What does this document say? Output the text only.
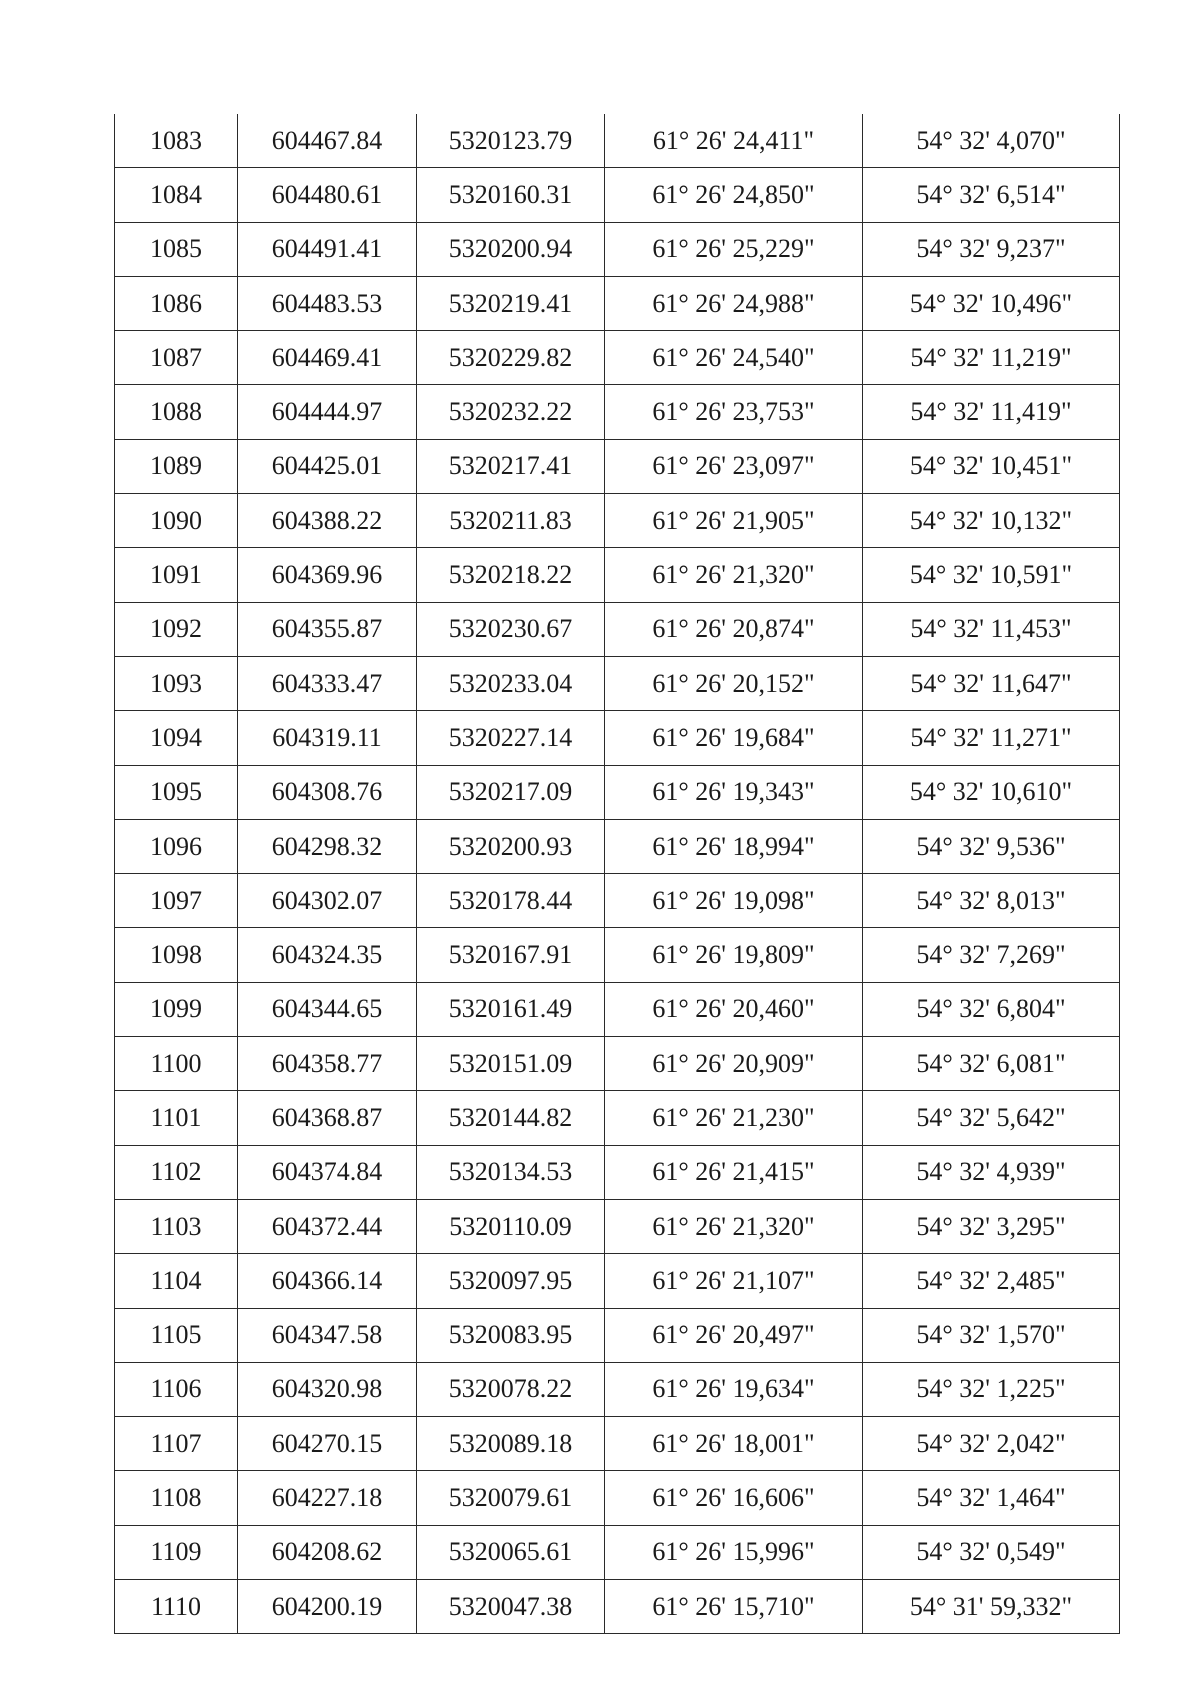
1083	604467.84	5320123.79	61° 26' 24,411"	54° 32' 4,070"
1084	604480.61	5320160.31	61° 26' 24,850"	54° 32' 6,514"
1085	604491.41	5320200.94	61° 26' 25,229"	54° 32' 9,237"
1086	604483.53	5320219.41	61° 26' 24,988"	54° 32' 10,496"
1087	604469.41	5320229.82	61° 26' 24,540"	54° 32' 11,219"
1088	604444.97	5320232.22	61° 26' 23,753"	54° 32' 11,419"
1089	604425.01	5320217.41	61° 26' 23,097"	54° 32' 10,451"
1090	604388.22	5320211.83	61° 26' 21,905"	54° 32' 10,132"
1091	604369.96	5320218.22	61° 26' 21,320"	54° 32' 10,591"
1092	604355.87	5320230.67	61° 26' 20,874"	54° 32' 11,453"
1093	604333.47	5320233.04	61° 26' 20,152"	54° 32' 11,647"
1094	604319.11	5320227.14	61° 26' 19,684"	54° 32' 11,271"
1095	604308.76	5320217.09	61° 26' 19,343"	54° 32' 10,610"
1096	604298.32	5320200.93	61° 26' 18,994"	54° 32' 9,536"
1097	604302.07	5320178.44	61° 26' 19,098"	54° 32' 8,013"
1098	604324.35	5320167.91	61° 26' 19,809"	54° 32' 7,269"
1099	604344.65	5320161.49	61° 26' 20,460"	54° 32' 6,804"
1100	604358.77	5320151.09	61° 26' 20,909"	54° 32' 6,081"
1101	604368.87	5320144.82	61° 26' 21,230"	54° 32' 5,642"
1102	604374.84	5320134.53	61° 26' 21,415"	54° 32' 4,939"
1103	604372.44	5320110.09	61° 26' 21,320"	54° 32' 3,295"
1104	604366.14	5320097.95	61° 26' 21,107"	54° 32' 2,485"
1105	604347.58	5320083.95	61° 26' 20,497"	54° 32' 1,570"
1106	604320.98	5320078.22	61° 26' 19,634"	54° 32' 1,225"
1107	604270.15	5320089.18	61° 26' 18,001"	54° 32' 2,042"
1108	604227.18	5320079.61	61° 26' 16,606"	54° 32' 1,464"
1109	604208.62	5320065.61	61° 26' 15,996"	54° 32' 0,549"
1110	604200.19	5320047.38	61° 26' 15,710"	54° 31' 59,332"
